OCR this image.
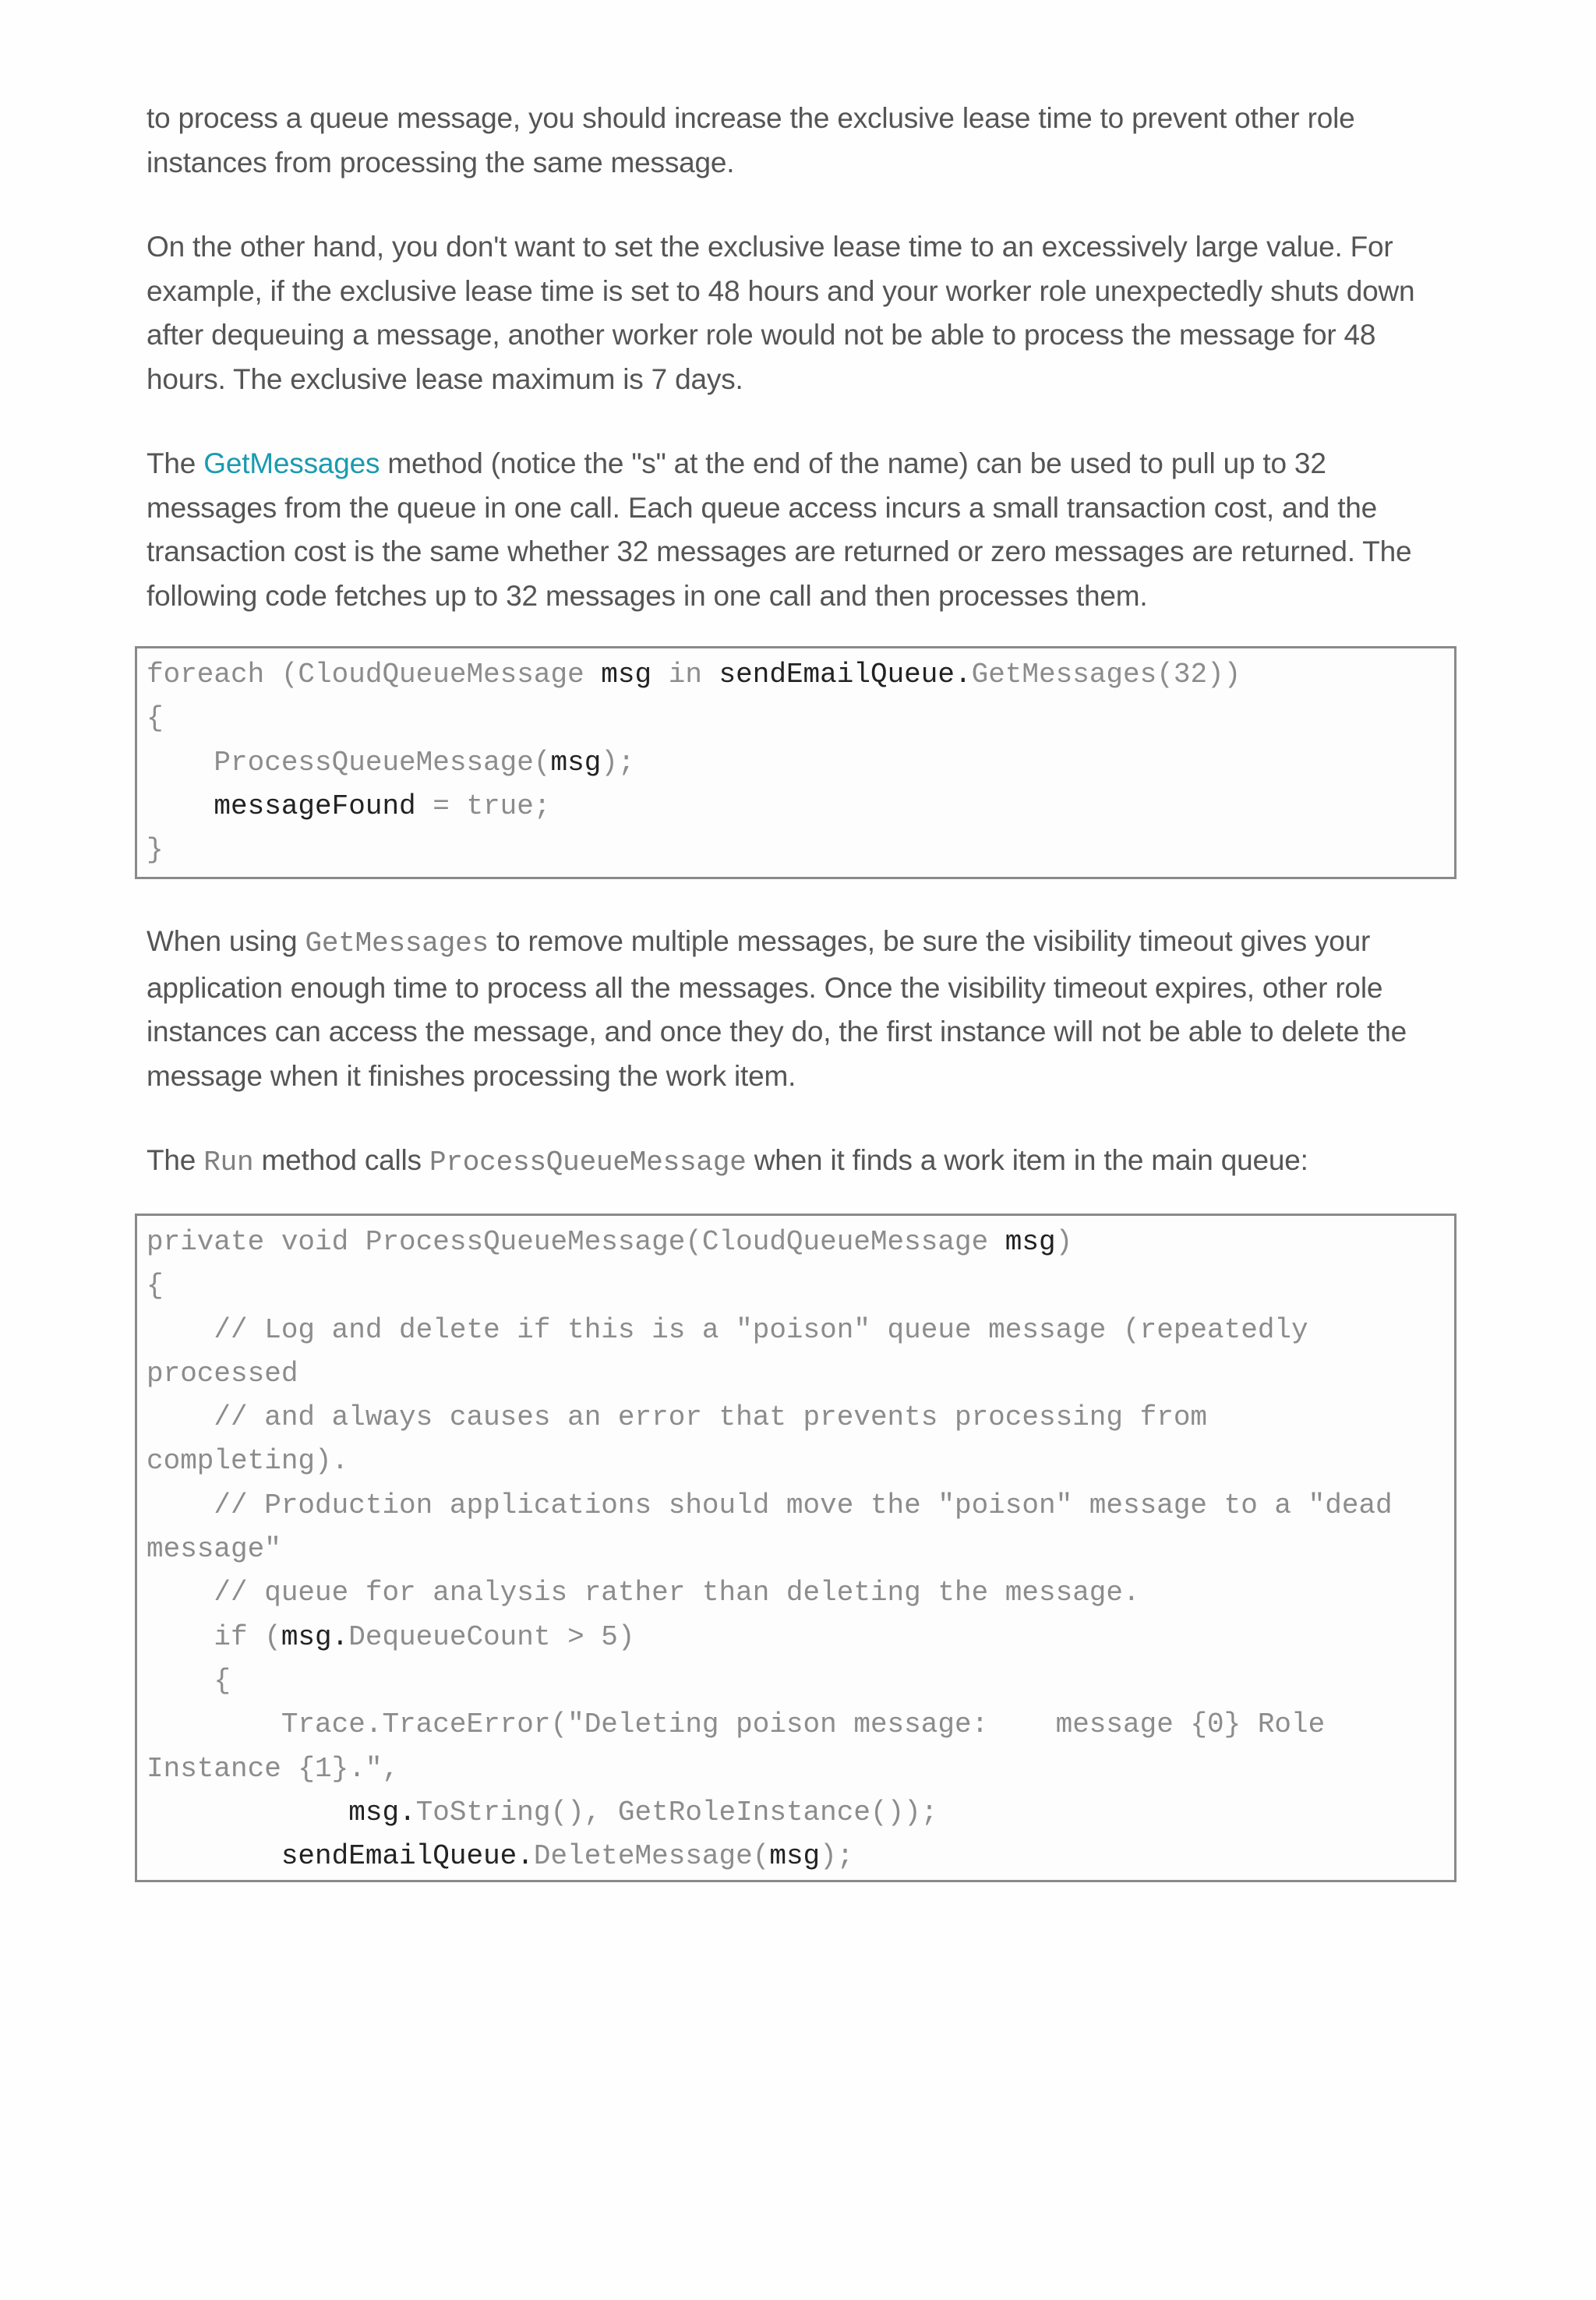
to process a queue message, you should increase the exclusive lease time to prevent other role instances from processing the same message.

On the other hand, you don't want to set the exclusive lease time to an excessively large value. For example, if the exclusive lease time is set to 48 hours and your worker role unexpectedly shuts down after dequeuing a message, another worker role would not be able to process the message for 48 hours. The exclusive lease maximum is 7 days.

The GetMessages method (notice the "s" at the end of the name) can be used to pull up to 32 messages from the queue in one call. Each queue access incurs a small transaction cost, and the transaction cost is the same whether 32 messages are returned or zero messages are returned. The following code fetches up to 32 messages in one call and then processes them.

foreach (CloudQueueMessage msg in sendEmailQueue.GetMessages(32))
{
ProcessQueueMessage(msg);
messageFound = true;
}

When using GetMessages to remove multiple messages, be sure the visibility timeout gives your application enough time to process all the messages. Once the visibility timeout expires, other role instances can access the message, and once they do, the first instance will not be able to delete the message when it finishes processing the work item.

The Run method calls ProcessQueueMessage when it finds a work item in the main queue:

private void ProcessQueueMessage(CloudQueueMessage msg)
{
// Log and delete if this is a "poison" queue message (repeatedly
processed
// and always causes an error that prevents processing from
completing).
// Production applications should move the "poison" message to a "dead
message"
// queue for analysis rather than deleting the message.
if (msg.DequeueCount > 5)
{
Trace.TraceError("Deleting poison message:    message {0} Role
Instance {1}.",
msg.ToString(), GetRoleInstance());
sendEmailQueue.DeleteMessage(msg);
